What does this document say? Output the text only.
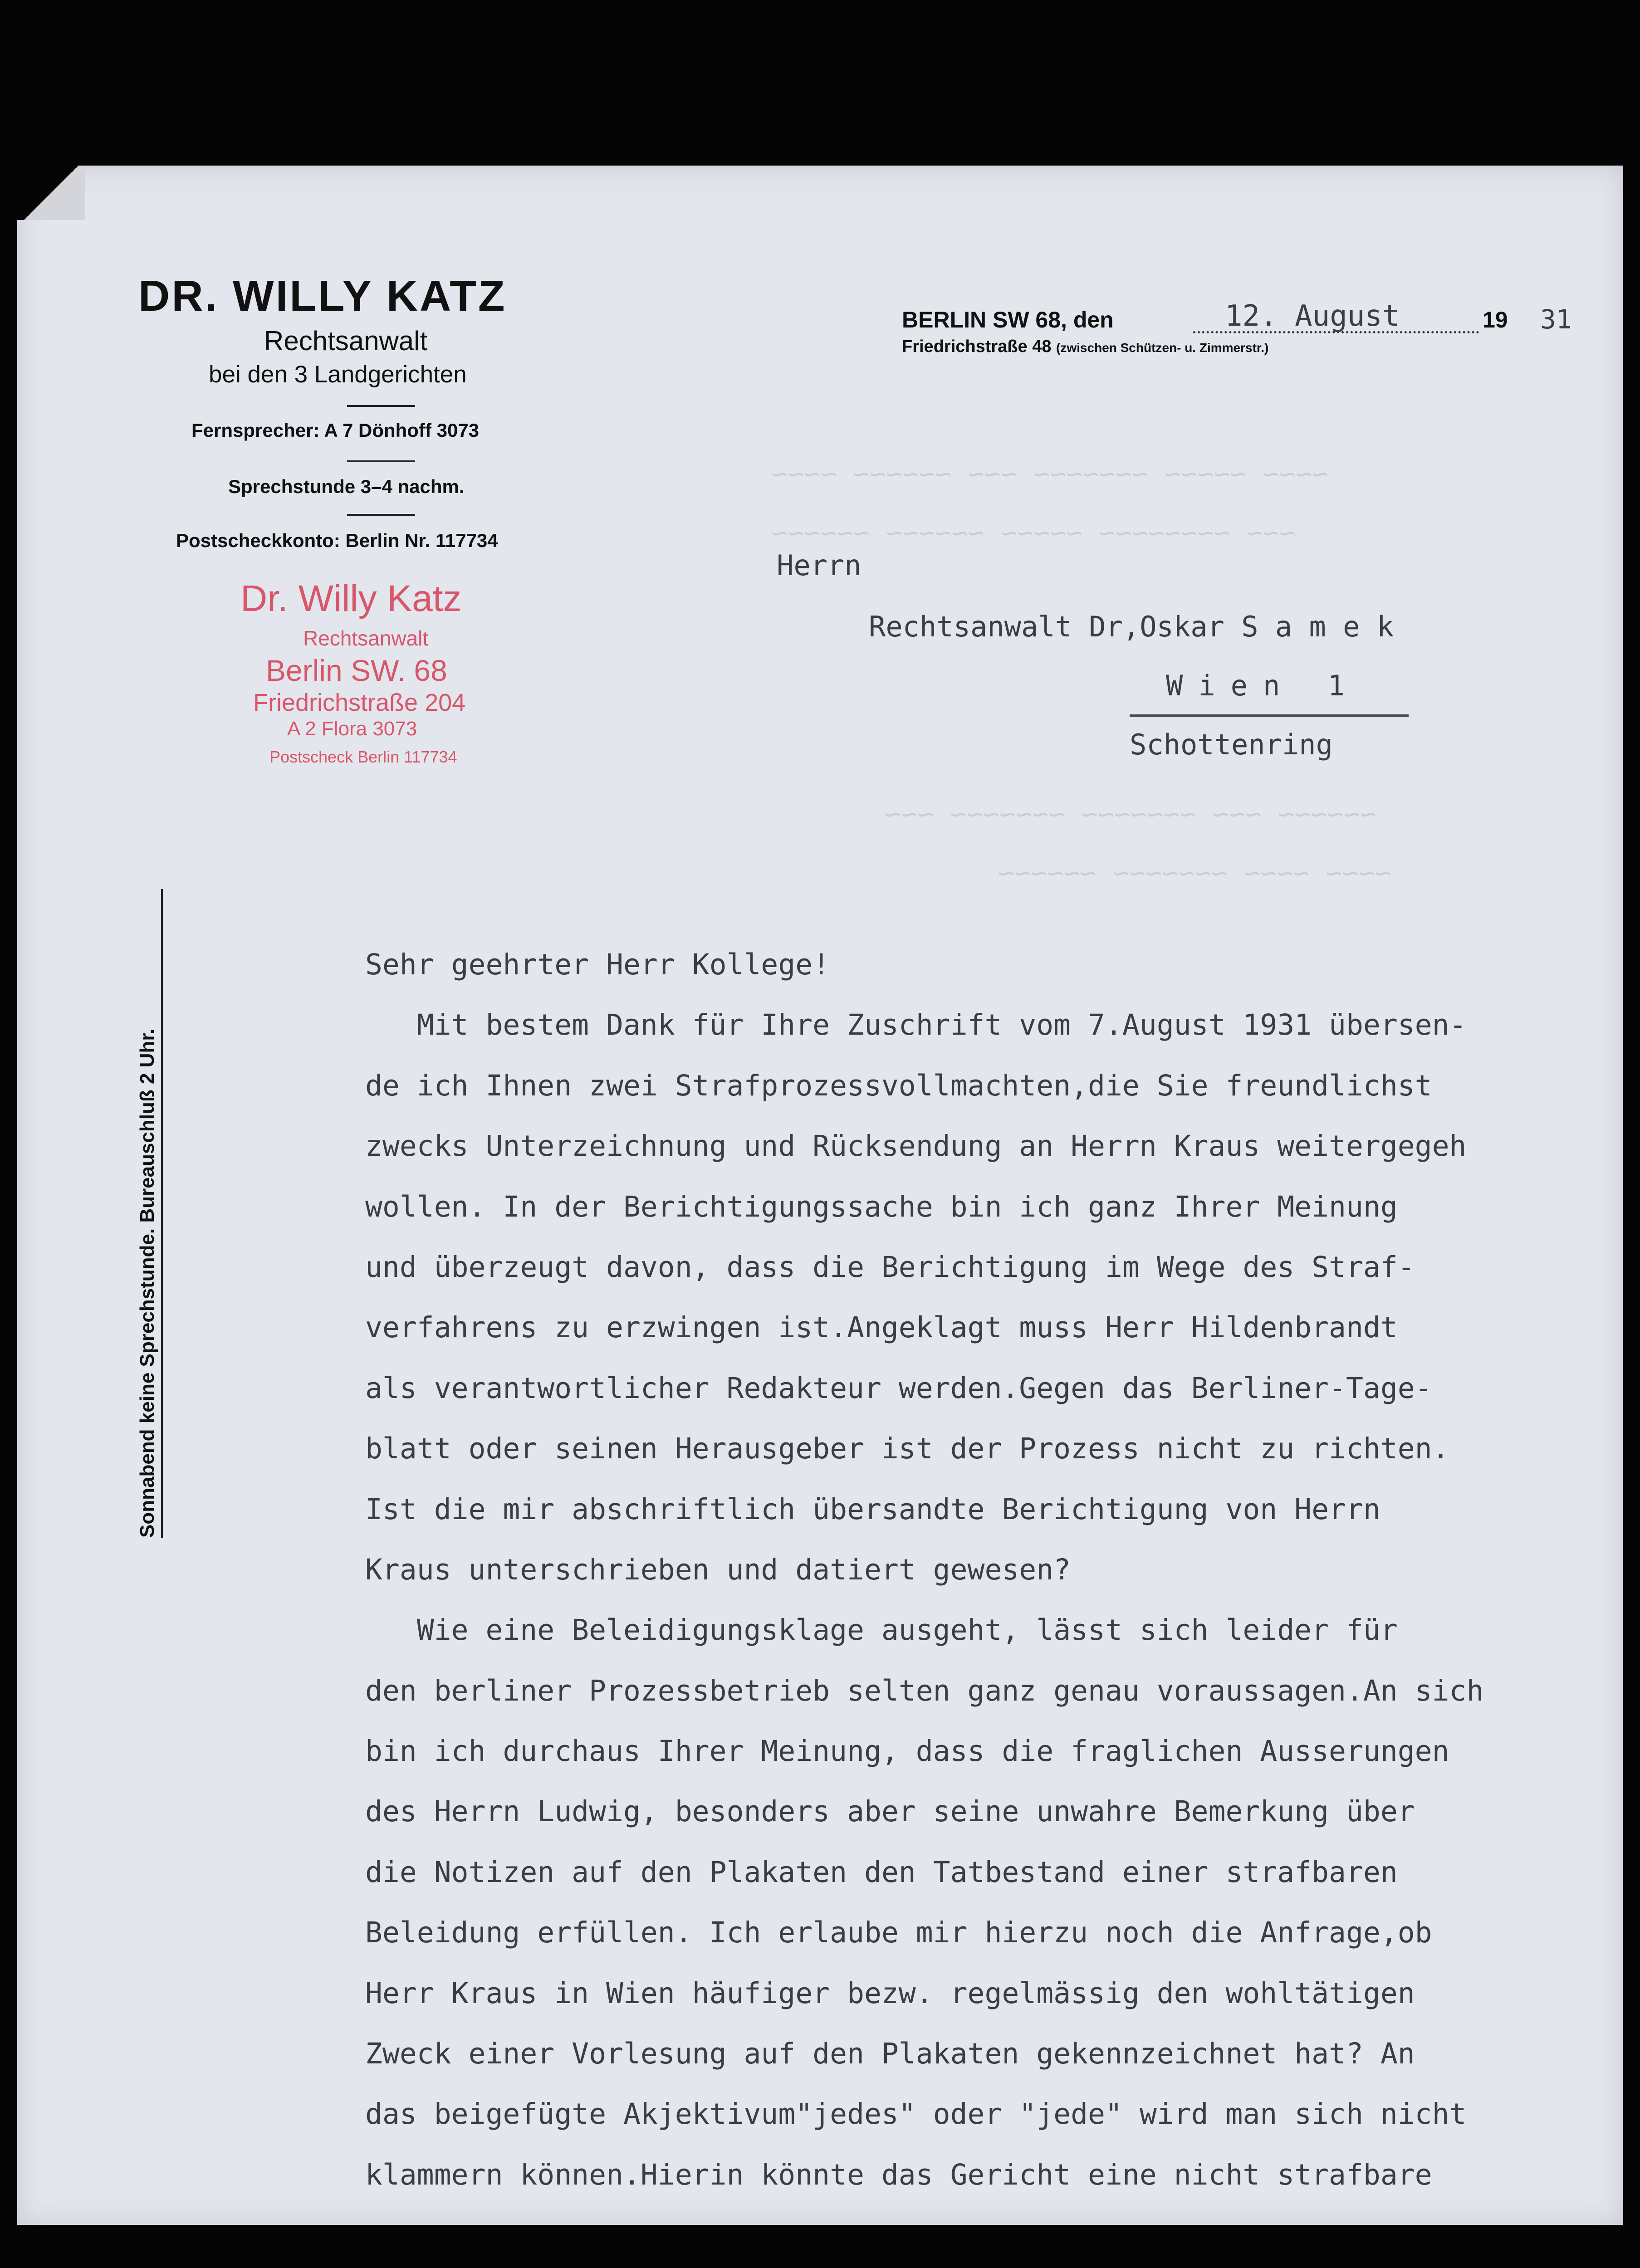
~~~~ ~~~~~ ~~~~~~~ ~~~ ~~~~~~ ~~~~
~~~ ~~~~~~~~ ~~~~~ ~~~~~~ ~~~~~~
~~~~~~ ~~~ ~~~~~~~ ~~~~~~~ ~~~
~~~~ ~~~~ ~~~~~~~ ~~~~~~
DR. WILLY KATZ
Rechtsanwalt
bei den 3 Landgerichten
Fernsprecher: A 7 Dönhoff 3073
Sprechstunde 3–4 nachm.
Postscheckkonto: Berlin Nr. 117734
BERLIN SW 68, den	12. August	19 31
Friedrichstraße 48 (zwischen Schützen- u. Zimmerstr.)
Dr. Willy Katz
Rechtsanwalt
Berlin SW. 68
Friedrichstraße 204
A 2 Flora 3073
Postscheck Berlin 117734
Sonnabend keine Sprechstunde. Bureauschluß 2 Uhr.
Herrn
Rechtsanwalt Dr,Oskar S a m e k
Wien 1
Schottenring
Sehr geehrter Herr Kollege!
Mit bestem Dank für Ihre Zuschrift vom 7.August 1931 übersen-
de ich Ihnen zwei Strafprozessvollmachten,die Sie freundlichst
zwecks Unterzeichnung und Rücksendung an Herrn Kraus weitergegeh
wollen. In der Berichtigungssache bin ich ganz Ihrer Meinung
und überzeugt davon, dass die Berichtigung im Wege des Straf-
verfahrens zu erzwingen ist.Angeklagt muss Herr Hildenbrandt
als verantwortlicher Redakteur werden.Gegen das Berliner-Tage-
blatt oder seinen Herausgeber ist der Prozess nicht zu richten.
Ist die mir abschriftlich übersandte Berichtigung von Herrn
Kraus unterschrieben und datiert gewesen?
Wie eine Beleidigungsklage ausgeht, lässt sich leider für
den berliner Prozessbetrieb selten ganz genau voraussagen.An sich
bin ich durchaus Ihrer Meinung, dass die fraglichen Ausserungen
des Herrn Ludwig, besonders aber seine unwahre Bemerkung über
die Notizen auf den Plakaten den Tatbestand einer strafbaren
Beleidung erfüllen. Ich erlaube mir hierzu noch die Anfrage,ob
Herr Kraus in Wien häufiger bezw. regelmässig den wohltätigen
Zweck einer Vorlesung auf den Plakaten gekennzeichnet hat? An
das beigefügte Akjektivum"jedes" oder "jede" wird man sich nicht
klammern können.Hierin könnte das Gericht eine nicht strafbare
